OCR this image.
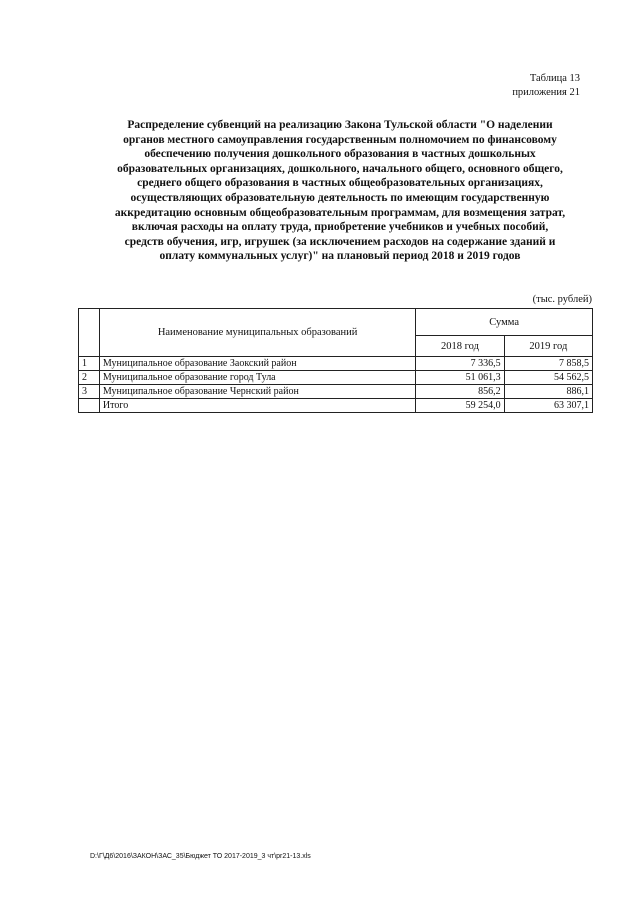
Таблица 13
приложения 21
Распределение субвенций на реализацию Закона Тульской области "О наделении
органов местного самоуправления государственным полномочием по финансовому
обеспечению получения дошкольного образования в частных дошкольных
образовательных организациях, дошкольного, начального общего, основного общего,
среднего общего образования в частных общеобразовательных организациях,
осуществляющих образовательную деятельность по имеющим государственную
аккредитацию основным общеобразовательным программам, для возмещения затрат,
включая расходы на оплату труда, приобретение учебников и учебных пособий,
средств обучения, игр, игрушек (за исключением расходов на содержание зданий и
оплату коммунальных услуг)" на плановый период 2018 и 2019 годов
(тыс. рублей)
	Наименование муниципальных образований	Сумма	
		2018 год	2019 год
1	Муниципальное образование Заокский район	7 336,5	7 858,5
2	Муниципальное образование город Тула	51 061,3	54 562,5
3	Муниципальное образование Чернский район	856,2	886,1
	Итого	59 254,0	63 307,1
D:\Г\Д6\2016\ЗАКОН\ЗАС_35\Бюджет ТО 2017-2019_3 чт\pr21-13.xls
